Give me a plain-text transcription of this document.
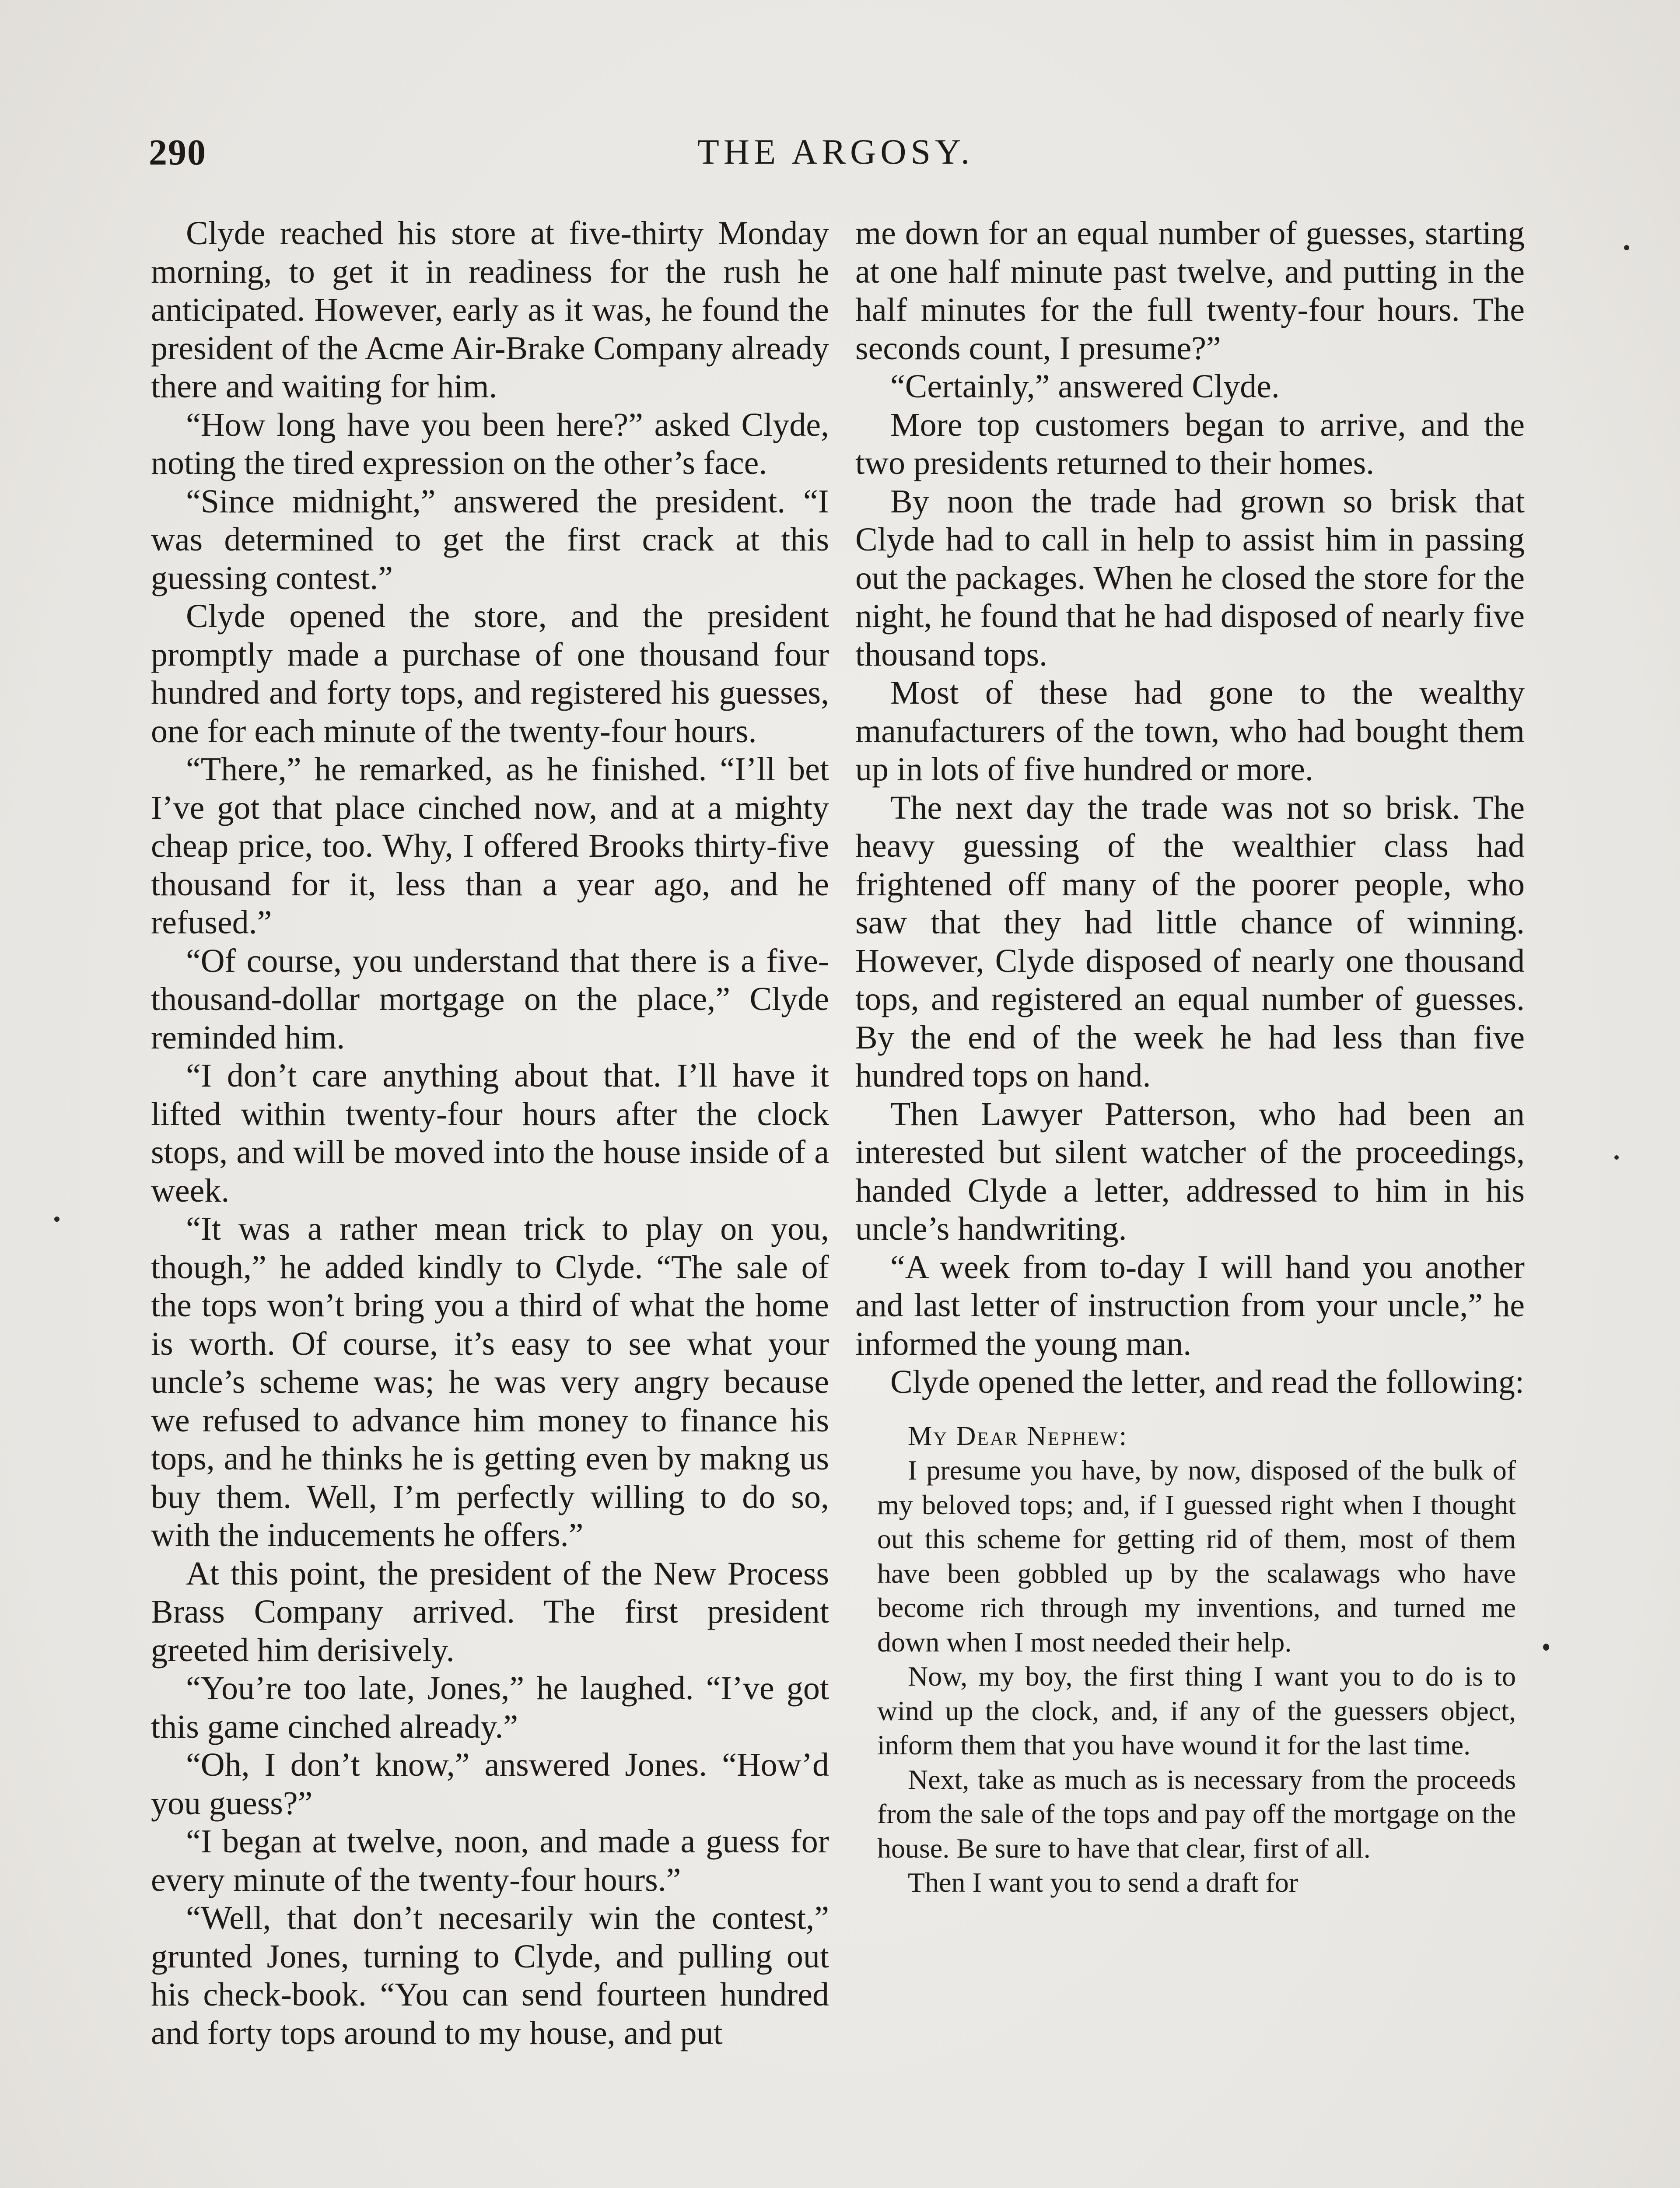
290	THE ARGOSY.

Clyde reached his store at five-thirty Monday morning, to get it in readiness for the rush he anticipated. However, early as it was, he found the president of the Acme Air-Brake Company already there and waiting for him.

“How long have you been here?” asked Clyde, noting the tired expression on the other’s face.

“Since midnight,” answered the president. “I was determined to get the first crack at this guessing contest.”

Clyde opened the store, and the president promptly made a purchase of one thousand four hundred and forty tops, and registered his guesses, one for each minute of the twenty-four hours.

“There,” he remarked, as he finished. “I’ll bet I’ve got that place cinched now, and at a mighty cheap price, too. Why, I offered Brooks thirty-five thousand for it, less than a year ago, and he refused.”

“Of course, you understand that there is a five-thousand-dollar mortgage on the place,” Clyde reminded him.

“I don’t care anything about that. I’ll have it lifted within twenty-four hours after the clock stops, and will be moved into the house inside of a week.

“It was a rather mean trick to play on you, though,” he added kindly to Clyde. “The sale of the tops won’t bring you a third of what the home is worth. Of course, it’s easy to see what your uncle’s scheme was; he was very angry because we refused to advance him money to finance his tops, and he thinks he is getting even by makng us buy them. Well, I’m perfectly willing to do so, with the inducements he offers.”

At this point, the president of the New Process Brass Company arrived. The first president greeted him derisively.

“You’re too late, Jones,” he laughed. “I’ve got this game cinched already.”

“Oh, I don’t know,” answered Jones. “How’d you guess?”

“I began at twelve, noon, and made a guess for every minute of the twenty-four hours.”

“Well, that don’t necesarily win the contest,” grunted Jones, turning to Clyde, and pulling out his check-book. “You can send fourteen hundred and forty tops around to my house, and put

me down for an equal number of guesses, starting at one half minute past twelve, and putting in the half minutes for the full twenty-four hours. The seconds count, I presume?”

“Certainly,” answered Clyde.

More top customers began to arrive, and the two presidents returned to their homes.

By noon the trade had grown so brisk that Clyde had to call in help to assist him in passing out the packages. When he closed the store for the night, he found that he had disposed of nearly five thousand tops.

Most of these had gone to the wealthy manufacturers of the town, who had bought them up in lots of five hundred or more.

The next day the trade was not so brisk. The heavy guessing of the wealthier class had frightened off many of the poorer people, who saw that they had little chance of winning. However, Clyde disposed of nearly one thousand tops, and registered an equal number of guesses. By the end of the week he had less than five hundred tops on hand.

Then Lawyer Patterson, who had been an interested but silent watcher of the proceedings, handed Clyde a letter, addressed to him in his uncle’s handwriting.

“A week from to-day I will hand you another and last letter of instruction from your uncle,” he informed the young man.

Clyde opened the letter, and read the following:

My Dear Nephew:

I presume you have, by now, disposed of the bulk of my beloved tops; and, if I guessed right when I thought out this scheme for getting rid of them, most of them have been gobbled up by the scalawags who have become rich through my inventions, and turned me down when I most needed their help.

Now, my boy, the first thing I want you to do is to wind up the clock, and, if any of the guessers object, inform them that you have wound it for the last time.

Next, take as much as is necessary from the proceeds from the sale of the tops and pay off the mortgage on the house. Be sure to have that clear, first of all.

Then I want you to send a draft for
